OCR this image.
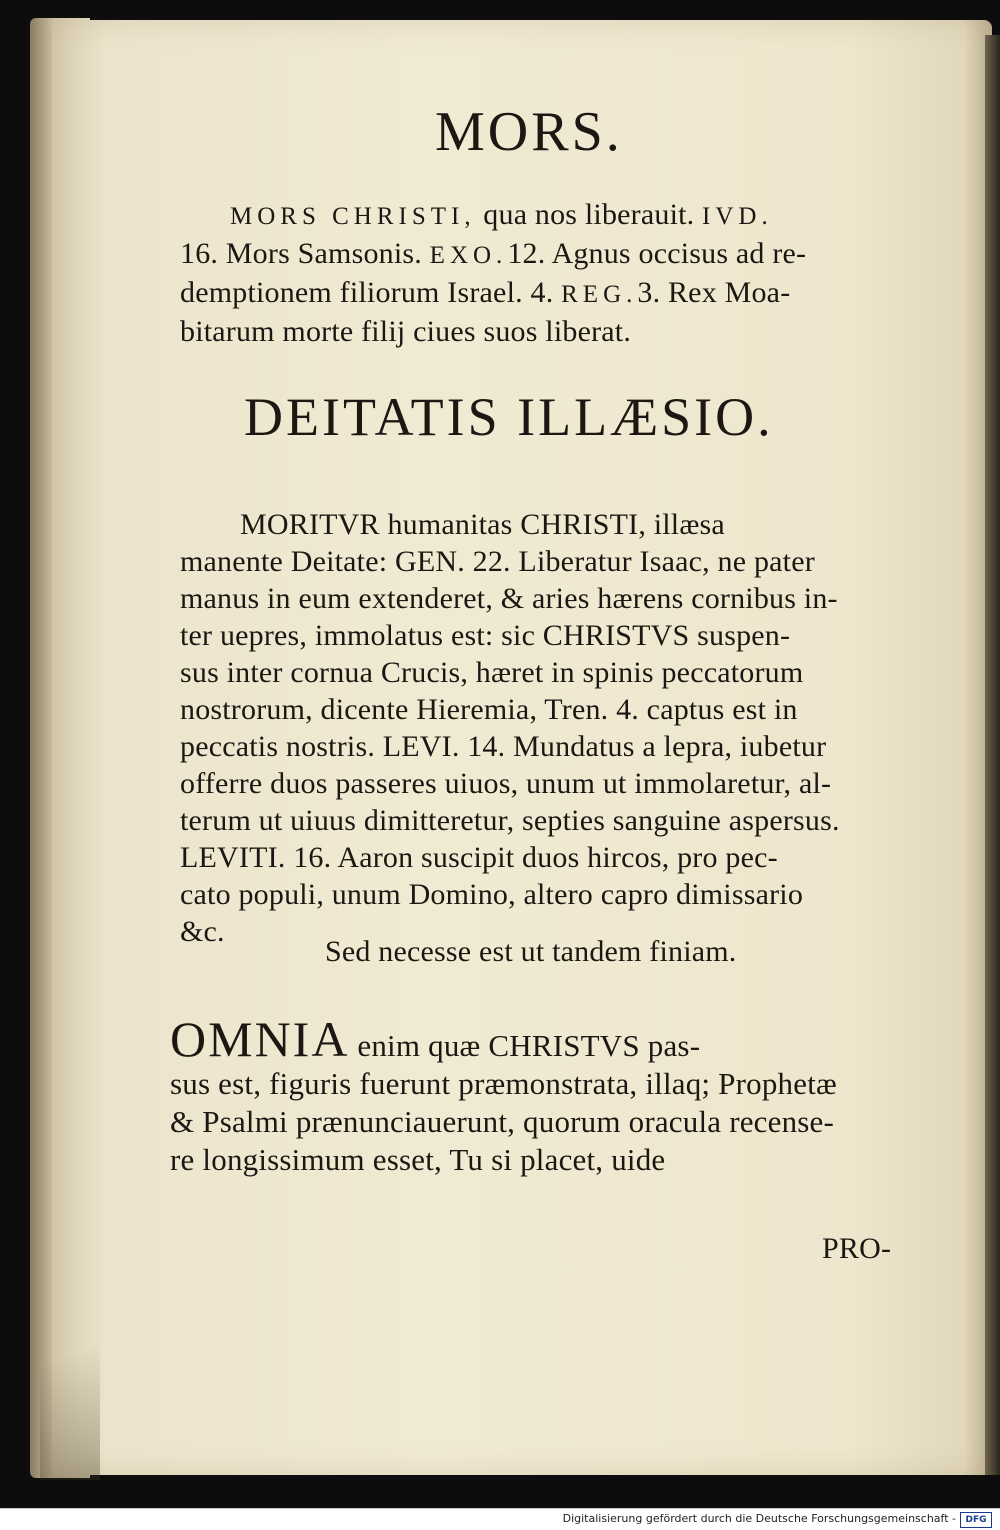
MORS.
MORS CHRISTI, qua nos liberauit. IVD.
16. Mors Samsonis. EXO.12. Agnus occisus ad re-
demptionem filiorum Israel. 4. REG.3. Rex Moa-
bitarum morte filij ciues suos liberat.
DEITATIS ILLÆSIO.
MORITVR humanitas CHRISTI, illæsa
manente Deitate: GEN. 22. Liberatur Isaac, ne pater
manus in eum extenderet, & aries hærens cornibus in-
ter uepres, immolatus est: sic CHRISTVS suspen-
sus inter cornua Crucis, hæret in spinis peccatorum
nostrorum, dicente Hieremia, Tren. 4. captus est in
peccatis nostris. LEVI. 14. Mundatus a lepra, iubetur
offerre duos passeres uiuos, unum ut immolaretur, al-
terum ut uiuus dimitteretur, septies sanguine aspersus.
LEVITI. 16. Aaron suscipit duos hircos, pro pec-
cato populi, unum Domino, altero capro dimissario
&c.
Sed necesse est ut tandem finiam.
OMNIA enim quæ CHRISTVS pas-
sus est, figuris fuerunt præmonstrata, illaq; Prophetæ
& Psalmi prænunciauerunt, quorum oracula recense-
re longissimum esset, Tu si placet, uide
PRO-
Digitalisierung gefördert durch die Deutsche Forschungsgemeinschaft -	DFG
